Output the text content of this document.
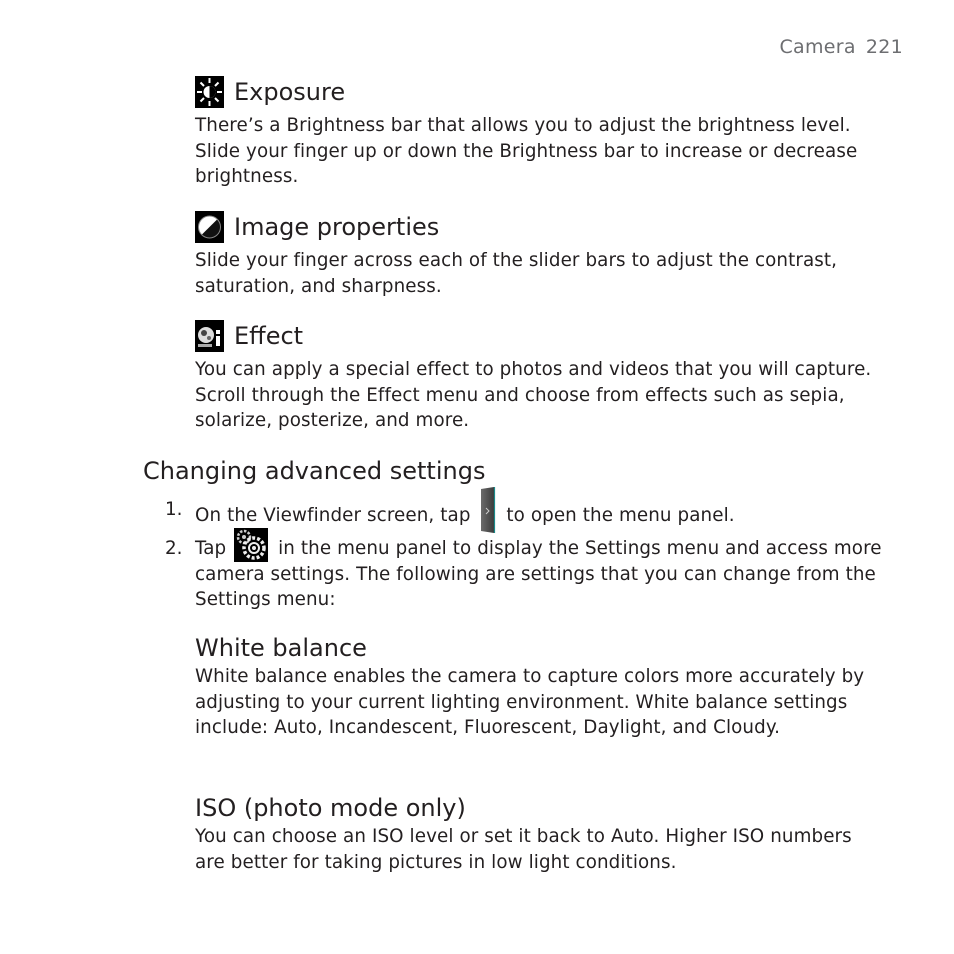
Camera 221
Exposure

There’s a Brightness bar that allows you to adjust the brightness level. Slide your finger up or down the Brightness bar to increase or decrease brightness.

Image properties

Slide your finger across each of the slider bars to adjust the contrast, saturation, and sharpness.

Effect

You can apply a special effect to photos and videos that you will capture. Scroll through the Effect menu and choose from effects such as sepia, solarize, posterize, and more.

Changing advanced settings
1. On the Viewfinder screen, tap to open the menu panel.
2. Tap	in the menu panel to display the Settings menu and access more camera settings. The following are settings that you can change from the Settings menu:
White balance

White balance enables the camera to capture colors more accurately by adjusting to your current lighting environment. White balance settings include: Auto, Incandescent, Fluorescent, Daylight, and Cloudy.

ISO (photo mode only)

You can choose an ISO level or set it back to Auto. Higher ISO numbers are better for taking pictures in low light conditions.
